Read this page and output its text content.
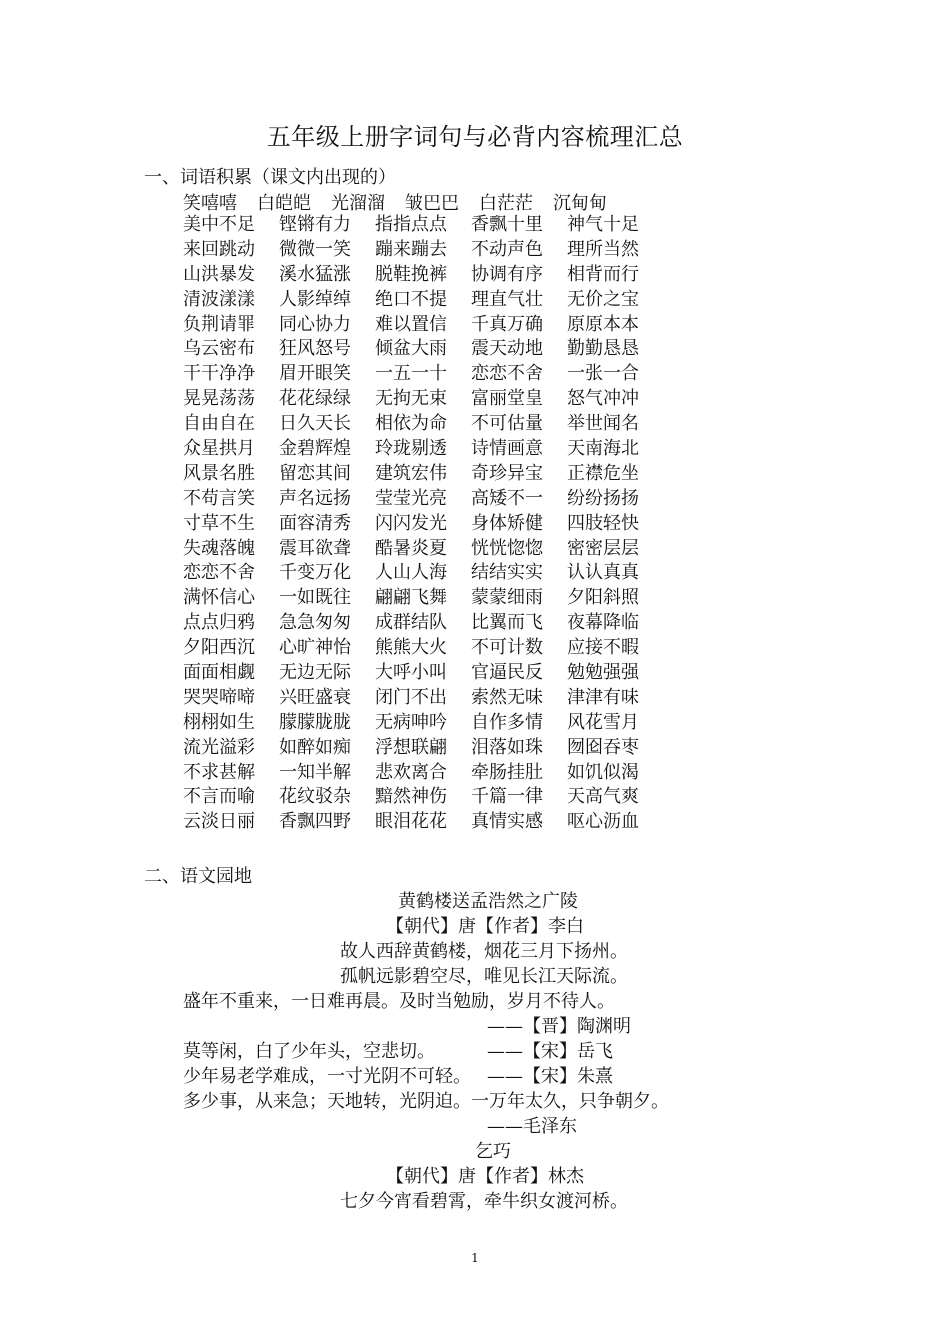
五年级上册字词句与必背内容梳理汇总
一、词语积累（课文内出现的）
笑嘻嘻 白皑皑 光溜溜 皱巴巴 白茫茫 沉甸甸
美中不足 铿锵有力 指指点点 香飘十里 神气十足
来回跳动 微微一笑 蹦来蹦去 不动声色 理所当然
山洪暴发 溪水猛涨 脱鞋挽裤 协调有序 相背而行
清波漾漾 人影绰绰 绝口不提 理直气壮 无价之宝
负荆请罪 同心协力 难以置信 千真万确 原原本本
乌云密布 狂风怒号 倾盆大雨 震天动地 勤勤恳恳
干干净净 眉开眼笑 一五一十 恋恋不舍 一张一合
晃晃荡荡 花花绿绿 无拘无束 富丽堂皇 怒气冲冲
自由自在 日久天长 相依为命 不可估量 举世闻名
众星拱月 金碧辉煌 玲珑剔透 诗情画意 天南海北
风景名胜 留恋其间 建筑宏伟 奇珍异宝 正襟危坐
不苟言笑 声名远扬 莹莹光亮 高矮不一 纷纷扬扬
寸草不生 面容清秀 闪闪发光 身体矫健 四肢轻快
失魂落魄 震耳欲聋 酷暑炎夏 恍恍惚惚 密密层层
恋恋不舍 千变万化 人山人海 结结实实 认认真真
满怀信心 一如既往 翩翩飞舞 蒙蒙细雨 夕阳斜照
点点归鸦 急急匆匆 成群结队 比翼而飞 夜幕降临
夕阳西沉 心旷神怡 熊熊大火 不可计数 应接不暇
面面相觑 无边无际 大呼小叫 官逼民反 勉勉强强
哭哭啼啼 兴旺盛衰 闭门不出 索然无味 津津有味
栩栩如生 朦朦胧胧 无病呻吟 自作多情 风花雪月
流光溢彩 如醉如痴 浮想联翩 泪落如珠 囫囵吞枣
不求甚解 一知半解 悲欢离合 牵肠挂肚 如饥似渴
不言而喻 花纹驳杂 黯然神伤 千篇一律 天高气爽
云淡日丽 香飘四野 眼泪花花 真情实感 呕心沥血
二、语文园地
黄鹤楼送孟浩然之广陵
【朝代】唐【作者】李白
故人西辞黄鹤楼，烟花三月下扬州。
孤帆远影碧空尽，唯见长江天际流。
盛年不重来，一日难再晨。及时当勉励，岁月不待人。
——【晋】陶渊明
莫等闲，白了少年头，空悲切。	——【宋】岳飞
少年易老学难成，一寸光阴不可轻。 ——【宋】朱熹
多少事，从来急；天地转，光阴迫。一万年太久，只争朝夕。
——毛泽东
乞巧
【朝代】唐【作者】林杰
七夕今宵看碧霄，牵牛织女渡河桥。
1
